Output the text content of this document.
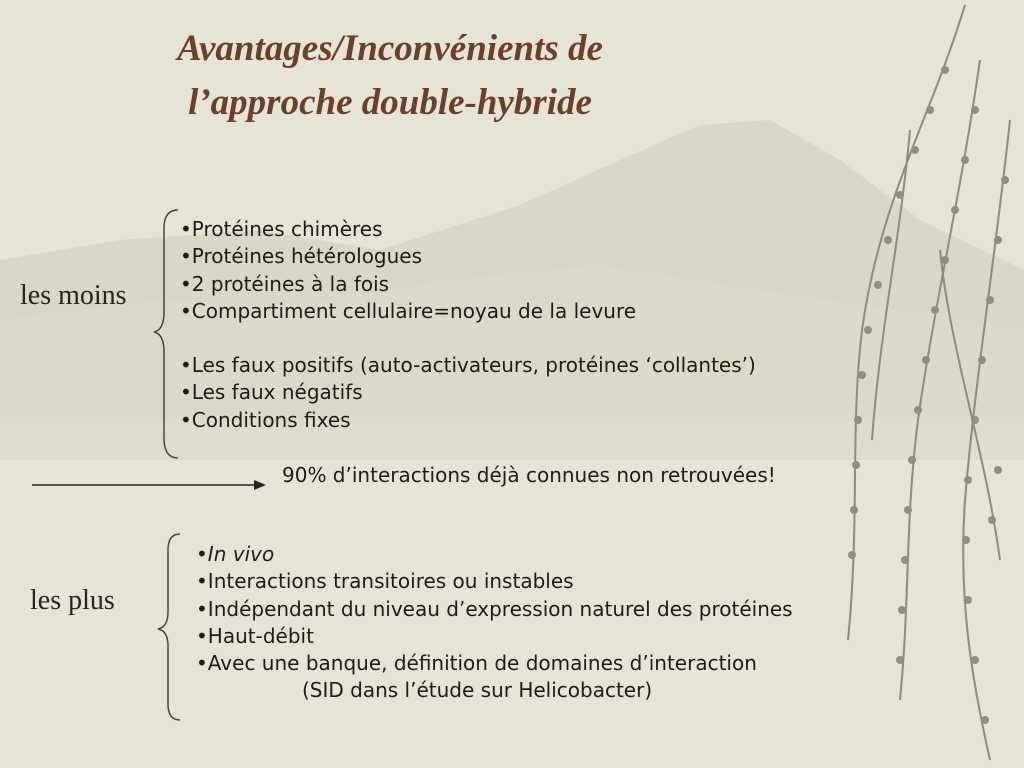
Avantages/Inconvénients de
l’approche double-hybride
les moins
•Protéines chimères
•Protéines hétérologues
•2 protéines à la fois
•Compartiment cellulaire=noyau de la levure
•Les faux positifs (auto-activateurs, protéines ‘collantes’)
•Les faux négatifs
•Conditions fixes
90% d’interactions déjà connues non retrouvées!
les plus
•In vivo
•Interactions transitoires ou instables
•Indépendant du niveau d’expression naturel des protéines
•Haut-débit
•Avec une banque, définition de domaines d’interaction
(SID dans l’étude sur Helicobacter)
